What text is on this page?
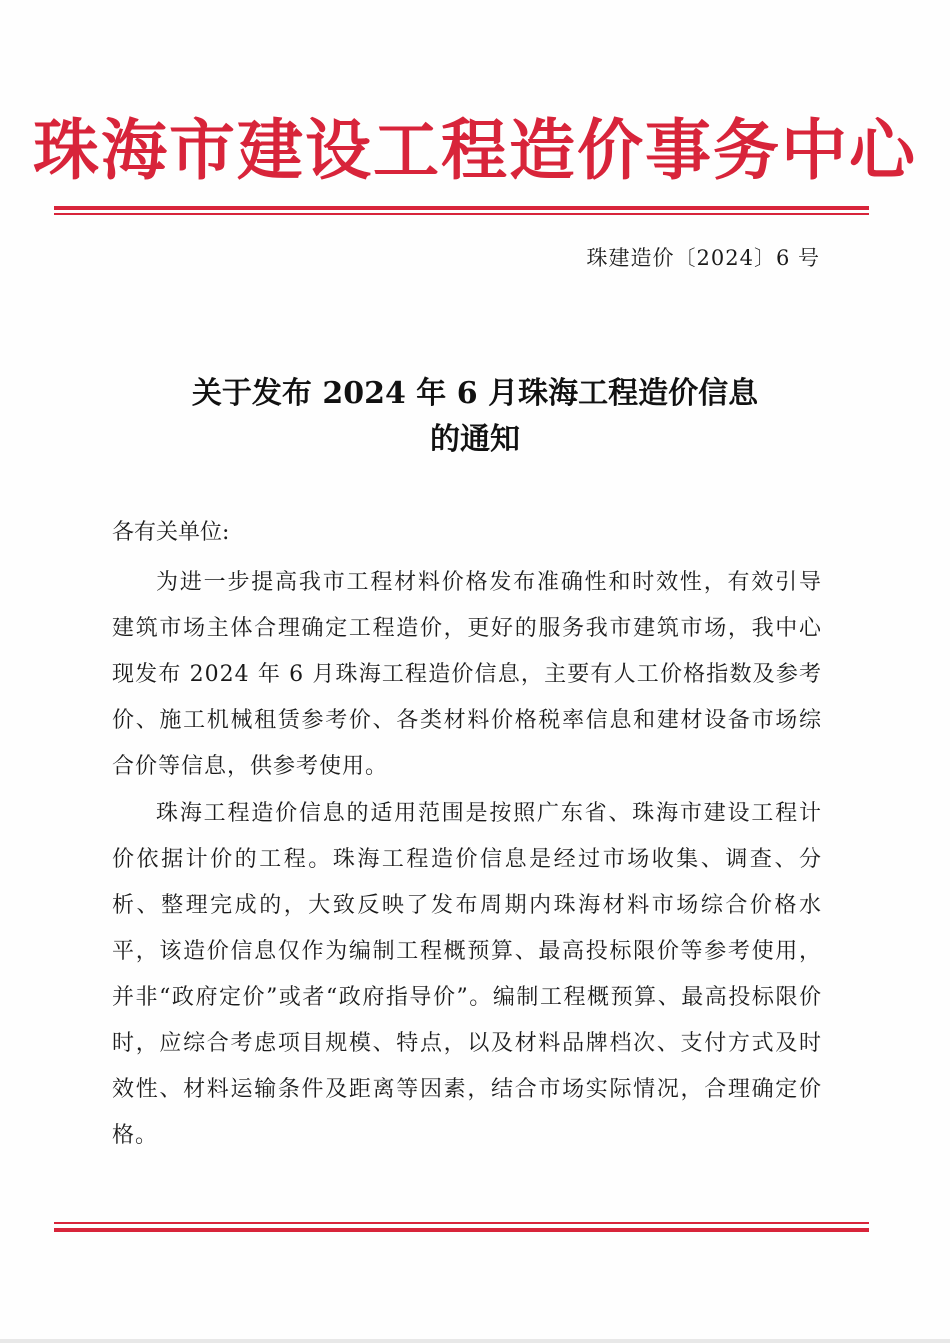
珠海市建设工程造价事务中心
珠建造价〔2024〕6 号
关于发布 2024 年 6 月珠海工程造价信息
的通知
各有关单位:

为进一步提高我市工程材料价格发布准确性和时效性，有效引导建筑市场主体合理确定工程造价，更好的服务我市建筑市场，我中心现发布 2024 年 6 月珠海工程造价信息，主要有人工价格指数及参考价、施工机械租赁参考价、各类材料价格税率信息和建材设备市场综合价等信息，供参考使用。

珠海工程造价信息的适用范围是按照广东省、珠海市建设工程计价依据计价的工程。珠海工程造价信息是经过市场收集、调查、分析、整理完成的，大致反映了发布周期内珠海材料市场综合价格水平，该造价信息仅作为编制工程概预算、最高投标限价等参考使用，并非“政府定价”或者“政府指导价”。编制工程概预算、最高投标限价时，应综合考虑项目规模、特点，以及材料品牌档次、支付方式及时效性、材料运输条件及距离等因素，结合市场实际情况，合理确定价格。
